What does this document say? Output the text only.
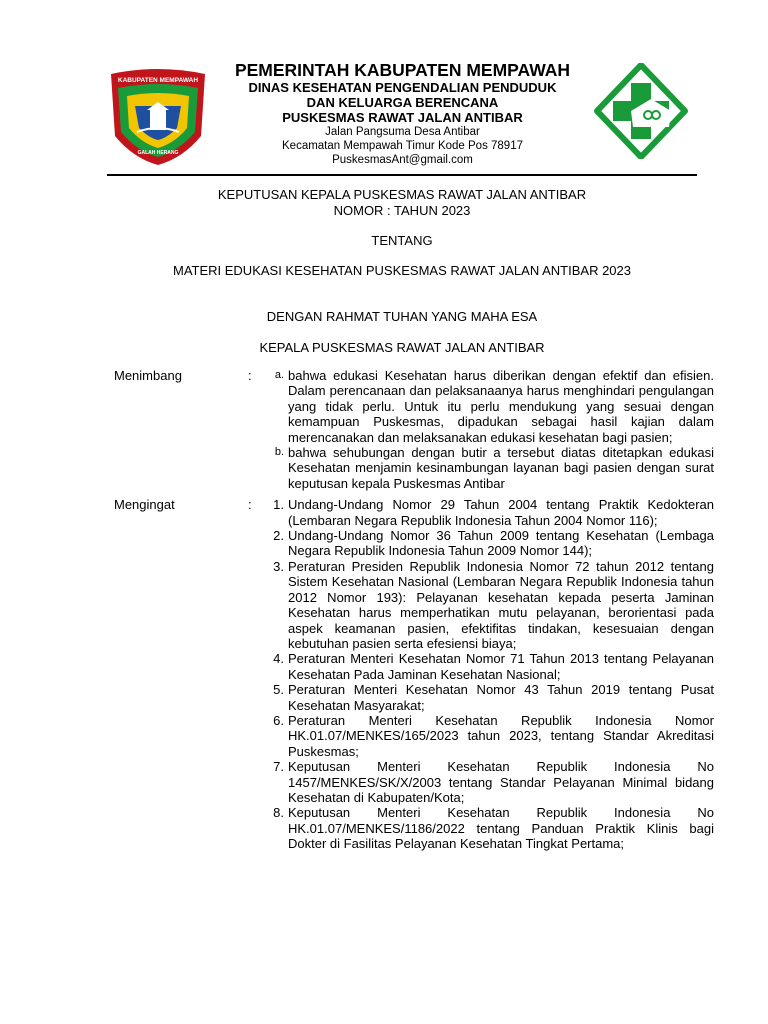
KABUPATEN MEMPAWAH
GALAH HERANG
PEMERINTAH KABUPATEN MEMPAWAH
DINAS KESEHATAN PENGENDALIAN PENDUDUK
DAN KELUARGA BERENCANA
PUSKESMAS RAWAT JALAN ANTIBAR
Jalan Pangsuma Desa Antibar
Kecamatan Mempawah Timur Kode Pos 78917
PuskesmasAnt@gmail.com
KEPUTUSAN KEPALA PUSKESMAS RAWAT JALAN ANTIBAR
NOMOR : TAHUN 2023
TENTANG
MATERI EDUKASI KESEHATAN PUSKESMAS RAWAT JALAN ANTIBAR 2023
DENGAN RAHMAT TUHAN YANG MAHA ESA
KEPALA PUSKESMAS RAWAT JALAN ANTIBAR
Menimbang	:	a. bahwa edukasi Kesehatan harus diberikan dengan efektif dan efisien. Dalam perencanaan dan pelaksanaanya harus menghindari pengulangan yang tidak perlu. Untuk itu perlu mendukung yang sesuai dengan kemampuan Puskesmas, dipadukan sebagai hasil kajian dalam merencanakan dan melaksanakan edukasi kesehatan bagi pasien;
b. bahwa sehubungan dengan butir a tersebut diatas ditetapkan edukasi Kesehatan menjamin kesinambungan layanan bagi pasien dengan surat keputusan kepala Puskesmas Antibar
Mengingat	:	1. Undang-Undang Nomor 29 Tahun 2004 tentang Praktik Kedokteran (Lembaran Negara Republik Indonesia Tahun 2004 Nomor 116);
2. Undang-Undang Nomor 36 Tahun 2009 tentang Kesehatan (Lembaga Negara Republik Indonesia Tahun 2009 Nomor 144);
3. Peraturan Presiden Republik Indonesia Nomor 72 tahun 2012 tentang Sistem Kesehatan Nasional (Lembaran Negara Republik Indonesia tahun 2012 Nomor 193): Pelayanan kesehatan kepada peserta Jaminan Kesehatan harus memperhatikan mutu pelayanan, berorientasi pada aspek keamanan pasien, efektifitas tindakan, kesesuaian dengan kebutuhan pasien serta efesiensi biaya;
4. Peraturan Menteri Kesehatan Nomor 71 Tahun 2013 tentang Pelayanan Kesehatan Pada Jaminan Kesehatan Nasional;
5. Peraturan Menteri Kesehatan Nomor 43 Tahun 2019 tentang Pusat Kesehatan Masyarakat;
6. Peraturan Menteri Kesehatan Republik Indonesia Nomor HK.01.07/MENKES/165/2023 tahun 2023, tentang Standar Akreditasi Puskesmas;
7. Keputusan Menteri Kesehatan Republik Indonesia No 1457/MENKES/SK/X/2003 tentang Standar Pelayanan Minimal bidang Kesehatan di Kabupaten/Kota;
8. Keputusan Menteri Kesehatan Republik Indonesia No HK.01.07/MENKES/1186/2022 tentang Panduan Praktik Klinis bagi Dokter di Fasilitas Pelayanan Kesehatan Tingkat Pertama;
